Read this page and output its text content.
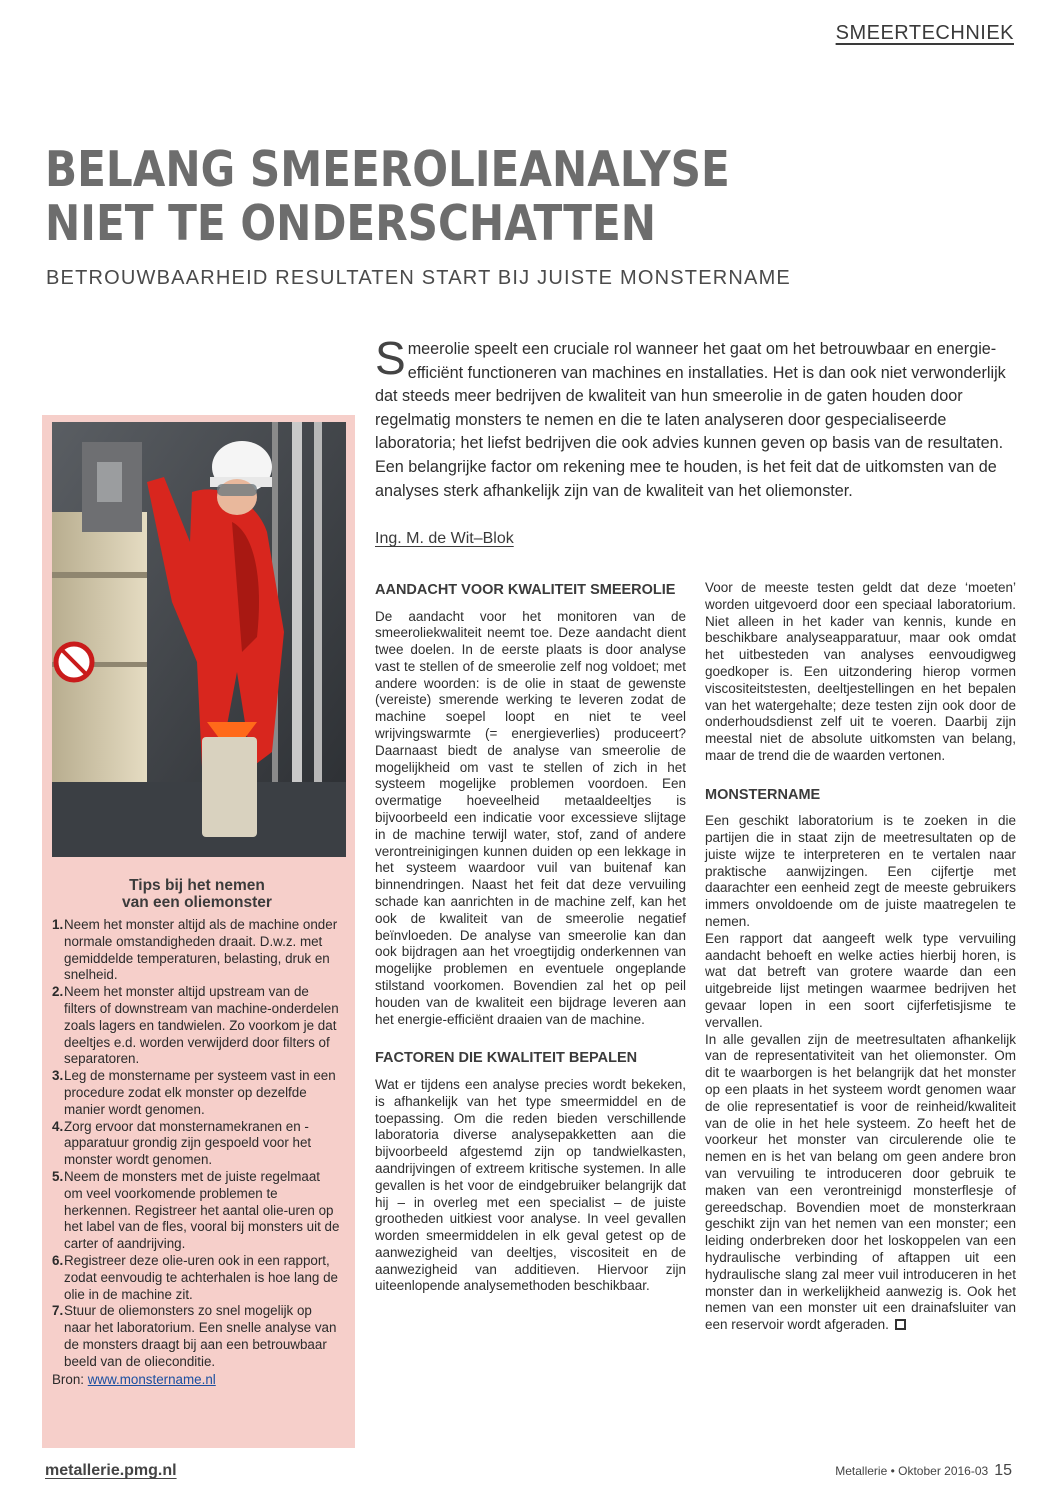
SMEERTECHNIEK
BELANG SMEEROLIEANALYSE
NIET TE ONDERSCHATTEN
BETROUWBAARHEID RESULTATEN START BIJ JUISTE MONSTERNAME
Tips bij het nemen
van een oliemonster
1. Neem het monster altijd als de machine onder normale omstandigheden draait. D.w.z. met gemiddelde temperaturen, belasting, druk en snelheid.
2. Neem het monster altijd upstream van de filters of downstream van machine-onderdelen zoals lagers en tandwielen. Zo voorkom je dat deeltjes e.d. worden verwijderd door filters of separatoren.
3. Leg de monstername per systeem vast in een procedure zodat elk monster op dezelfde manier wordt genomen.
4. Zorg ervoor dat monsternamekranen en -apparatuur grondig zijn gespoeld voor het monster wordt genomen.
5. Neem de monsters met de juiste regelmaat om veel voorkomende problemen te herkennen. Registreer het aantal olie-uren op het label van de fles, vooral bij monsters uit de carter of aandrijving.
6. Registreer deze olie-uren ook in een rapport, zodat eenvoudig te achterhalen is hoe lang de olie in de machine zit.
7. Stuur de oliemonsters zo snel mogelijk op naar het laboratorium. Een snelle analyse van de monsters draagt bij aan een betrouwbaar beeld van de olieconditie.
Bron: www.monstername.nl
Smeerolie speelt een cruciale rol wanneer het gaat om het betrouwbaar en energie-efficiënt functioneren van machines en installaties. Het is dan ook niet verwonderlijk dat steeds meer bedrijven de kwaliteit van hun smeerolie in de gaten houden door regelmatig monsters te nemen en die te laten analyseren door gespecialiseerde laboratoria; het liefst bedrijven die ook advies kunnen geven op basis van de resultaten. Een belangrijke factor om rekening mee te houden, is het feit dat de uitkomsten van de analyses sterk afhankelijk zijn van de kwaliteit van het oliemonster.
Ing. M. de Wit–Blok
AANDACHT VOOR KWALITEIT SMEEROLIE

De aandacht voor het monitoren van de smeeroliekwaliteit neemt toe. Deze aandacht dient twee doelen. In de eerste plaats is door analyse vast te stellen of de smeerolie zelf nog voldoet; met andere woorden: is de olie in staat de gewenste (vereiste) smerende werking te leveren zodat de machine soepel loopt en niet te veel wrijvingswarmte (= energieverlies) produceert? Daarnaast biedt de analyse van smeerolie de mogelijkheid om vast te stellen of zich in het systeem mogelijke problemen voordoen. Een overmatige hoeveelheid metaaldeeltjes is bijvoorbeeld een indicatie voor excessieve slijtage in de machine terwijl water, stof, zand of andere verontreinigingen kunnen duiden op een lekkage in het systeem waardoor vuil van buitenaf kan binnendringen. Naast het feit dat deze vervuiling schade kan aanrichten in de machine zelf, kan het ook de kwaliteit van de smeerolie negatief beïnvloeden. De analyse van smeerolie kan dan ook bijdragen aan het vroegtijdig onderkennen van mogelijke problemen en eventuele ongeplande stilstand voorkomen. Bovendien zal het op peil houden van de kwaliteit een bijdrage leveren aan het energie-efficiënt draaien van de machine.

FACTOREN DIE KWALITEIT BEPALEN

Wat er tijdens een analyse precies wordt bekeken, is afhankelijk van het type smeermiddel en de toepassing. Om die reden bieden verschillende laboratoria diverse analysepakketten aan die bijvoorbeeld afgestemd zijn op tandwielkasten, aandrijvingen of extreem kritische systemen. In alle gevallen is het voor de eindgebruiker belangrijk dat hij – in overleg met een specialist – de juiste grootheden uitkiest voor analyse. In veel gevallen worden smeermiddelen in elk geval getest op de aanwezigheid van deeltjes, viscositeit en de aanwezigheid van additieven. Hiervoor zijn uiteenlopende analysemethoden beschikbaar.

Voor de meeste testen geldt dat deze ‘moeten’ worden uitgevoerd door een speciaal laboratorium. Niet alleen in het kader van kennis, kunde en beschikbare analyseapparatuur, maar ook omdat het uitbesteden van analyses eenvoudigweg goedkoper is. Een uitzondering hierop vormen viscositeitstesten, deeltjestellingen en het bepalen van het watergehalte; deze testen zijn ook door de onderhoudsdienst zelf uit te voeren. Daarbij zijn meestal niet de absolute uitkomsten van belang, maar de trend die de waarden vertonen.

MONSTERNAME

Een geschikt laboratorium is te zoeken in die partijen die in staat zijn de meetresultaten op de juiste wijze te interpreteren en te vertalen naar praktische aanwijzingen. Een cijfertje met daarachter een eenheid zegt de meeste gebruikers immers onvoldoende om de juiste maatregelen te nemen.

Een rapport dat aangeeft welk type vervuiling aandacht behoeft en welke acties hierbij horen, is wat dat betreft van grotere waarde dan een uitgebreide lijst metingen waarmee bedrijven het gevaar lopen in een soort cijferfetisjisme te vervallen.

In alle gevallen zijn de meetresultaten afhankelijk van de representativiteit van het oliemonster. Om dit te waarborgen is het belangrijk dat het monster op een plaats in het systeem wordt genomen waar de olie representatief is voor de reinheid/kwaliteit van de olie in het hele systeem. Zo heeft het de voorkeur het monster van circulerende olie te nemen en is het van belang om geen andere bron van vervuiling te introduceren door gebruik te maken van een verontreinigd monsterflesje of gereedschap. Bovendien moet de monsterkraan geschikt zijn van het nemen van een monster; een leiding onderbreken door het loskoppelen van een hydraulische verbinding of aftappen uit een hydraulische slang zal meer vuil introduceren in het monster dan in werkelijkheid aanwezig is. Ook het nemen van een monster uit een drainafsluiter van een reservoir wordt afgeraden.

metallerie.pmg.nl	Metallerie • Oktober 2016-03 15
